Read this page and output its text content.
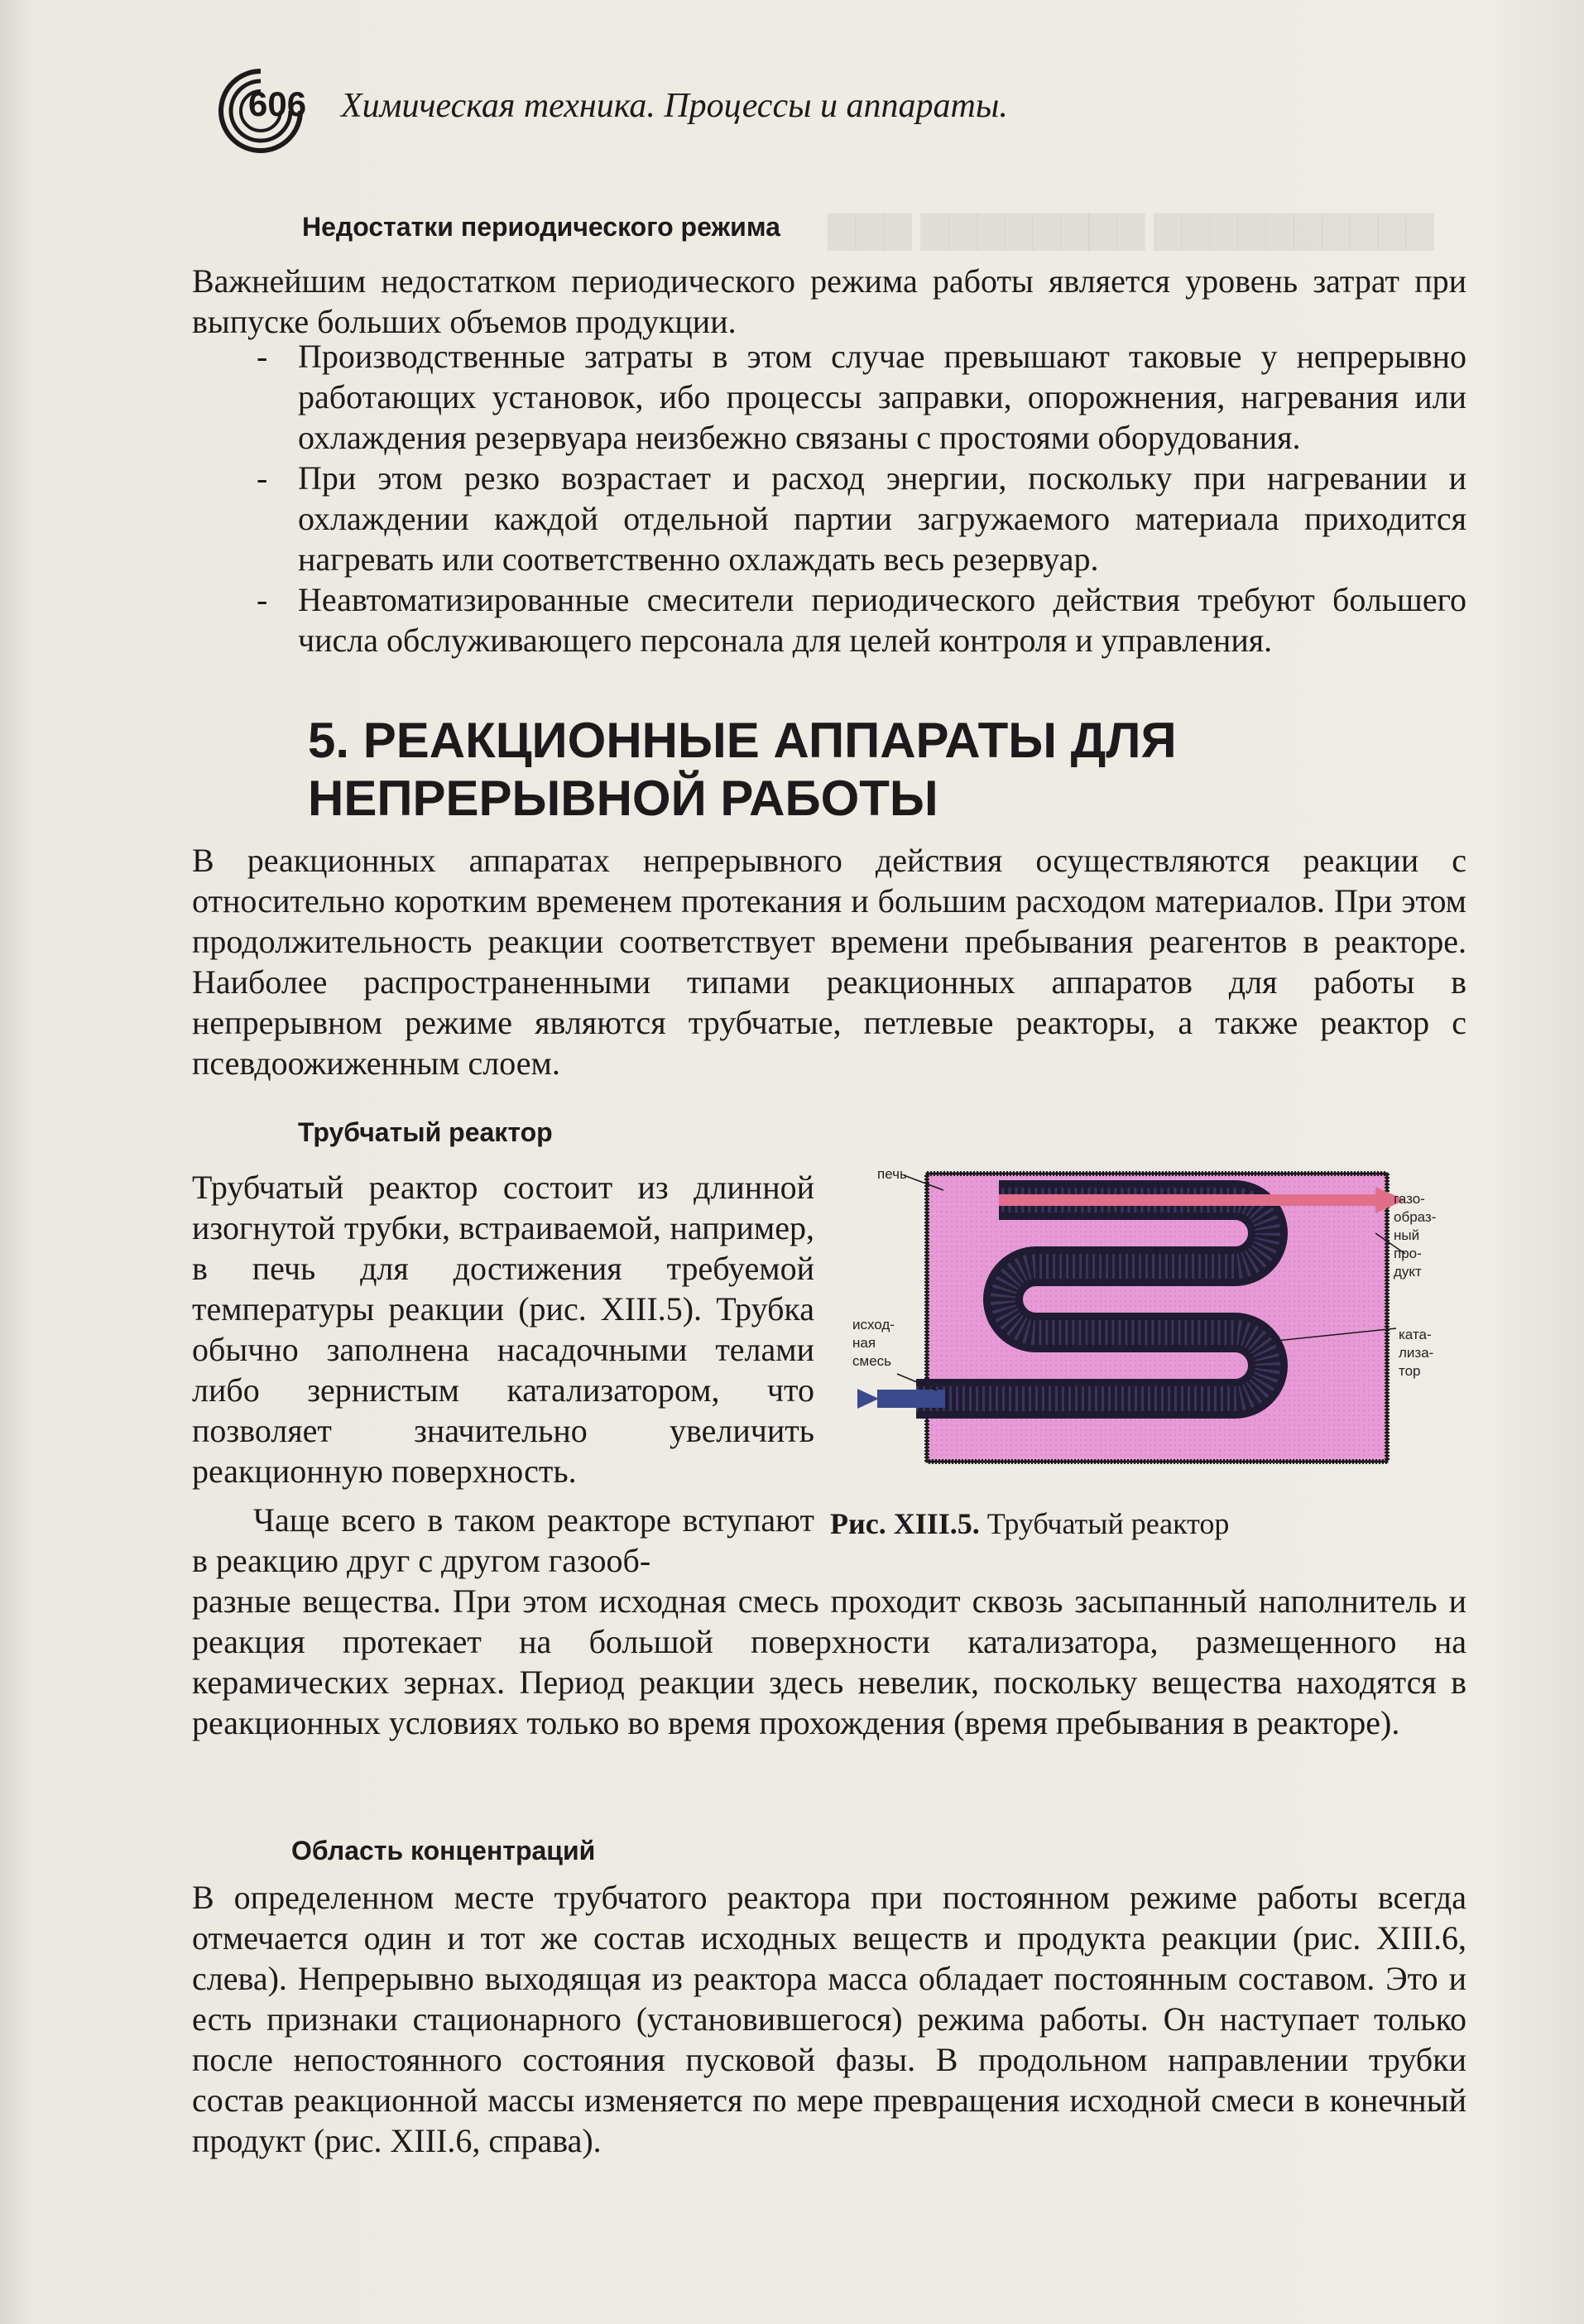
▇▇▇ ▇▇▇▇▇▇▇▇ ▇▇▇▇▇▇▇▇▇▇
606 Химическая техника. Процессы и аппараты.
Недостатки периодического режима

Важнейшим недостатком периодического режима работы является уровень затрат при выпуске больших объемов продукции.

- Производственные затраты в этом случае превышают таковые у непрерывно работающих установок, ибо процессы заправки, опорожнения, нагревания или охлаждения резервуара неизбежно связаны с простоями оборудования.
- При этом резко возрастает и расход энергии, поскольку при нагревании и охлаждении каждой отдельной партии загружаемого материала приходится нагревать или соответственно охлаждать весь резервуар.
- Неавтоматизированные смесители периодического действия требуют большего числа обслуживающего персонала для целей контроля и управления.
5. РЕАКЦИОННЫЕ АППАРАТЫ ДЛЯ НЕПРЕРЫВНОЙ РАБОТЫ

В реакционных аппаратах непрерывного действия осуществляются реакции с относительно коротким временем протекания и большим расходом материалов. При этом продолжительность реакции соответствует времени пребывания реагентов в реакторе. Наиболее распространенными типами реакционных аппаратов для работы в непрерывном режиме являются трубчатые, петлевые реакторы, а также реактор с псевдоожиженным слоем.

Трубчатый реактор

Трубчатый реактор состоит из длинной изогнутой трубки, встраиваемой, например, в печь для достижения требуемой температуры реакции (рис. XIII.5). Трубка обычно заполнена насадочными телами либо зернистым катализатором, что позволяет значительно увеличить реакционную поверхность.

Чаще всего в таком реакторе вступают в реакцию друг с другом газооб-

разные вещества. При этом исходная смесь проходит сквозь засыпанный наполнитель и реакция протекает на большой поверхности катализатора, размещенного на керамических зернах. Период реакции здесь невелик, поскольку вещества находятся в реакционных условиях только во время прохождения (время пребывания в реакторе).

печь
газо-
образ-
ный
про-
дукт
исход-
ная
смесь
ката-
лиза-
тор
Рис. XIII.5. Трубчатый реактор
Область концентраций

В определенном месте трубчатого реактора при постоянном режиме работы всегда отмечается один и тот же состав исходных веществ и продукта реакции (рис. XIII.6, слева). Непрерывно выходящая из реактора масса обладает постоянным составом. Это и есть признаки стационарного (установившегося) режима работы. Он наступает только после непостоянного состояния пусковой фазы. В продольном направлении трубки состав реакционной массы изменяется по мере превращения исходной смеси в конечный продукт (рис. XIII.6, справа).
